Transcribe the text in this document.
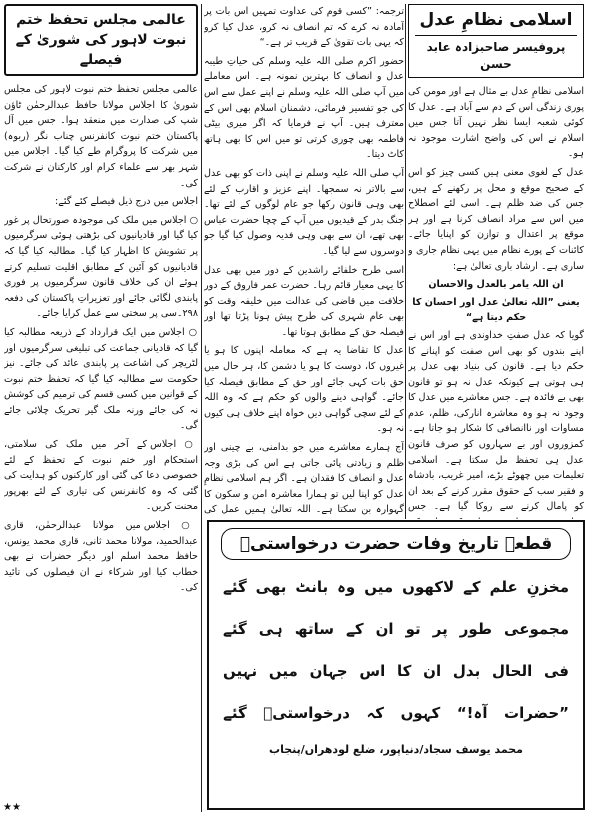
اسلامی نظامِ عدل
پروفیسر صاحبزادہ عابد حسن

اسلامی نظامِ عدل بے مثال ہے اور مومن کی پوری زندگی اس کے دم سے آباد ہے۔ عدل کا کوئی شعبہ ایسا نظر نہیں آتا جس میں اسلام نے اس کی واضح اشارت موجود نہ ہو۔

عدل کے لغوی معنی ہیں کسی چیز کو اس کے صحیح موقع و محل پر رکھنے کے ہیں، جس کی ضد ظلم ہے۔ اسی لئے اصطلاح میں اس سے مراد انصاف کرنا ہے اور ہر موقع پر اعتدال و توازن کو اپنایا جائے۔ کائنات کے پورے نظام میں یہی نظام جاری و ساری ہے۔ ارشاد باری تعالیٰ ہے:

ان اللہ یامر بالعدل والاحسان

یعنی ”اللہ تعالیٰ عدل اور احسان کا حکم دیتا ہے“

گویا کہ عدل صفتِ خداوندی ہے اور اس نے اپنے بندوں کو بھی اس صفت کو اپنانے کا حکم دیا ہے۔ قانون کی بنیاد بھی عدل پر ہی ہوتی ہے کیونکہ عدل نہ ہو تو قانون بھی بے فائدہ ہے۔ جس معاشرے میں عدل کا وجود نہ ہو وہ معاشرہ انارکی، ظلم، عدم مساوات اور ناانصافی کا شکار ہو جاتا ہے۔ کمزوروں اور بے سہاروں کو صرف قانون عدل ہی تحفظ مل سکتا ہے۔ اسلامی تعلیمات میں چھوٹے بڑے، امیر غریب، بادشاہ و فقیر سب کے حقوق مقرر کرنے کے بعد ان کو پامال کرنے سے روکا گیا ہے۔ جس

ترجمہ: ”کسی قوم کی عداوت تمہیں اس بات پر آمادہ نہ کرے کہ تم انصاف نہ کرو، عدل کیا کرو کہ یہی بات تقویٰ کے قریب تر ہے۔“

حضور اکرم صلی اللہ علیہ وسلم کی حیاتِ طیبہ عدل و انصاف کا بہترین نمونہ ہے۔ اس معاملے میں آپ صلی اللہ علیہ وسلم نے اپنے عمل سے اس کی جو تفسیر فرمائی، دشمنان اسلام بھی اس کے معترف ہیں۔ آپ نے فرمایا کہ اگر میری بیٹی فاطمہ بھی چوری کرتی تو میں اس کا بھی ہاتھ کاٹ دیتا۔

آپ صلی اللہ علیہ وسلم نے اپنی ذات کو بھی عدل سے بالاتر نہ سمجھا۔ اپنے عزیز و اقارب کے لئے بھی وہی قانون رکھا جو عام لوگوں کے لئے تھا۔ جنگ بدر کے قیدیوں میں آپ کے چچا حضرت عباس بھی تھے، ان سے بھی وہی فدیہ وصول کیا گیا جو دوسروں سے لیا گیا۔

اسی طرح خلفائے راشدین کے دور میں بھی عدل کا یہی معیار قائم رہا۔ حضرت عمر فاروق کے دور خلافت میں قاضی کی عدالت میں خلیفہ وقت کو بھی عام شہری کی طرح پیش ہونا پڑتا تھا اور فیصلہ حق کے مطابق ہوتا تھا۔

عدل کا تقاضا یہ ہے کہ معاملہ اپنوں کا ہو یا غیروں کا، دوست کا ہو یا دشمن کا، ہر حال میں حق بات کہی جائے اور حق کے مطابق فیصلہ کیا جائے۔ گواہی دینے والوں کو حکم ہے کہ وہ اللہ کے لئے سچی گواہی دیں خواہ اپنے خلاف ہی کیوں نہ ہو۔

آج ہمارے معاشرے میں جو بدامنی، بے چینی اور ظلم و زیادتی پائی جاتی ہے اس کی بڑی وجہ عدل و انصاف کا فقدان ہے۔ اگر ہم اسلامی نظامِ عدل کو اپنا لیں تو ہمارا معاشرہ امن و سکون کا گہوارہ بن سکتا ہے۔ اللہ تعالیٰ ہمیں عمل کی

عالمی مجلس تحفظ ختم نبوت لاہور کی شوریٰ کے فیصلے

عالمی مجلس تحفظ ختم نبوت لاہور کی مجلس شوریٰ کا اجلاس مولانا حافظ عبدالرحمٰن ٹاؤن شپ کی صدارت میں منعقد ہوا۔ جس میں آل پاکستان ختم نبوت کانفرنس چناب نگر (ربوہ) میں شرکت کا پروگرام طے کیا گیا۔ اجلاس میں شہر بھر سے علماء کرام اور کارکنان نے شرکت کی۔

اجلاس میں درج ذیل فیصلے کئے گئے:

○ اجلاس میں ملک کی موجودہ صورتحال پر غور کیا گیا اور قادیانیوں کی بڑھتی ہوئی سرگرمیوں پر تشویش کا اظہار کیا گیا۔ مطالبہ کیا گیا کہ قادیانیوں کو آئین کے مطابق اقلیت تسلیم کرتے ہوئے ان کی خلاف قانون سرگرمیوں پر فوری پابندی لگائی جائے اور تعزیراتِ پاکستان کی دفعہ ۲۹۸۔سی پر سختی سے عمل کرایا جائے۔

○ اجلاس میں ایک قرارداد کے ذریعہ مطالبہ کیا گیا کہ قادیانی جماعت کی تبلیغی سرگرمیوں اور لٹریچر کی اشاعت پر پابندی عائد کی جائے۔ نیز حکومت سے مطالبہ کیا گیا کہ تحفظ ختم نبوت کے قوانین میں کسی قسم کی ترمیم کی کوشش نہ کی جائے ورنہ ملک گیر تحریک چلائی جائے گی۔

○ اجلاس کے آخر میں ملک کی سلامتی، استحکام اور ختم نبوت کے تحفظ کے لئے خصوصی دعا کی گئی اور کارکنوں کو ہدایت کی گئی کہ وہ کانفرنس کی تیاری کے لئے بھرپور محنت کریں۔

○ اجلاس میں مولانا عبدالرحمٰن، قاری عبدالحمید، مولانا محمد ثانی، قاری محمد یونس، حافظ محمد اسلم اور دیگر حضرات نے بھی خطاب کیا اور شرکاء نے ان فیصلوں کی تائید کی۔

قطعہ تاریخ وفات حضرت درخواستیؒ
مخزنِ
علم
کے
لاکھوں
میں
وہ
بانٹ
بھی
گئے
مجموعی
طور
پر
تو
ان
کے
ساتھ
ہی
گئے
فی
الحال
بدل
ان
کا
اس
جہان
میں
نہیں
”حضرات
آہ!“
کہوں
کہ
درخواستیؒ
گئے
محمد یوسف سجاد/دنیاپور، ضلع لودھراں/پنجاب
★★
